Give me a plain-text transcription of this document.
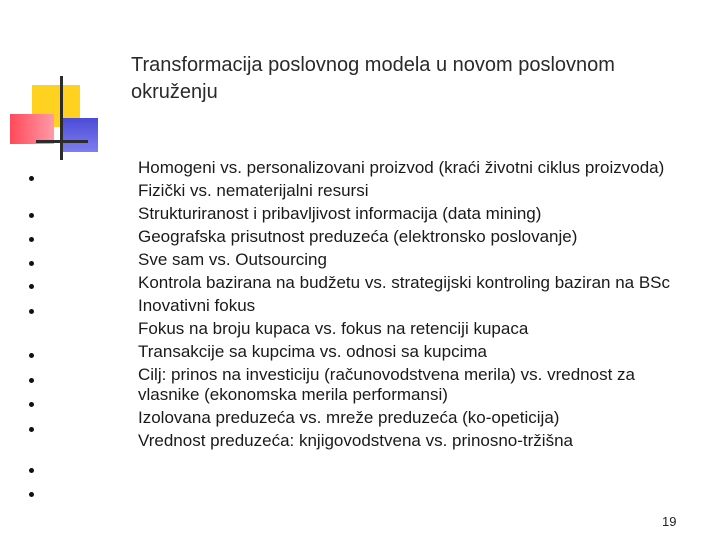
Transformacija poslovnog modela u novom poslovnom okruženju
Homogeni vs. personalizovani proizvod (kraći životni ciklus proizvoda)
Fizički vs. nematerijalni resursi
Strukturiranost i pribavljivost informacija (data mining)
Geografska prisutnost preduzeća (elektronsko poslovanje)
Sve sam vs. Outsourcing
Kontrola bazirana na budžetu vs. strategijski kontroling baziran na BSc
Inovativni fokus
Fokus na broju kupaca vs. fokus na retenciji kupaca
Transakcije sa kupcima vs. odnosi sa kupcima
Cilj: prinos na investiciju (računovodstvena merila) vs. vrednost za vlasnike (ekonomska merila performansi)
Izolovana preduzeća vs. mreže preduzeća (ko-opeticija)
Vrednost preduzeća: knjigovodstvena vs. prinosno-tržišna
19
